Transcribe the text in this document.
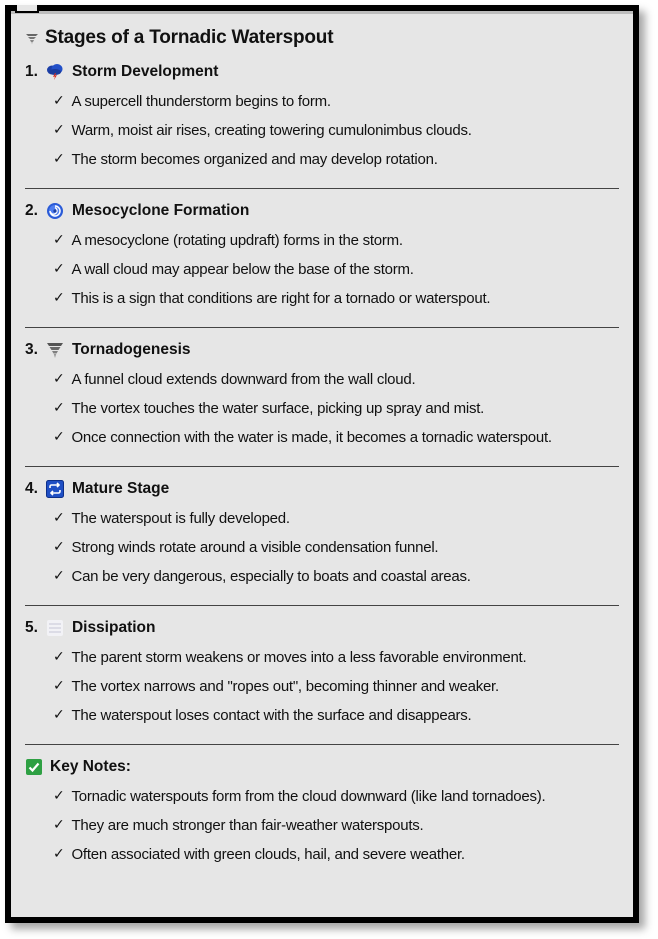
Stages of a Tornadic Waterspout
1. Storm Development
✓ A supercell thunderstorm begins to form.
✓ Warm, moist air rises, creating towering cumulonimbus clouds.
✓ The storm becomes organized and may develop rotation.
2. Mesocyclone Formation
✓ A mesocyclone (rotating updraft) forms in the storm.
✓ A wall cloud may appear below the base of the storm.
✓ This is a sign that conditions are right for a tornado or waterspout.
3. Tornadogenesis
✓ A funnel cloud extends downward from the wall cloud.
✓ The vortex touches the water surface, picking up spray and mist.
✓ Once connection with the water is made, it becomes a tornadic waterspout.
4. Mature Stage
✓ The waterspout is fully developed.
✓ Strong winds rotate around a visible condensation funnel.
✓ Can be very dangerous, especially to boats and coastal areas.
5. Dissipation
✓ The parent storm weakens or moves into a less favorable environment.
✓ The vortex narrows and "ropes out", becoming thinner and weaker.
✓ The waterspout loses contact with the surface and disappears.
Key Notes:
✓ Tornadic waterspouts form from the cloud downward (like land tornadoes).
✓ They are much stronger than fair-weather waterspouts.
✓ Often associated with green clouds, hail, and severe weather.
